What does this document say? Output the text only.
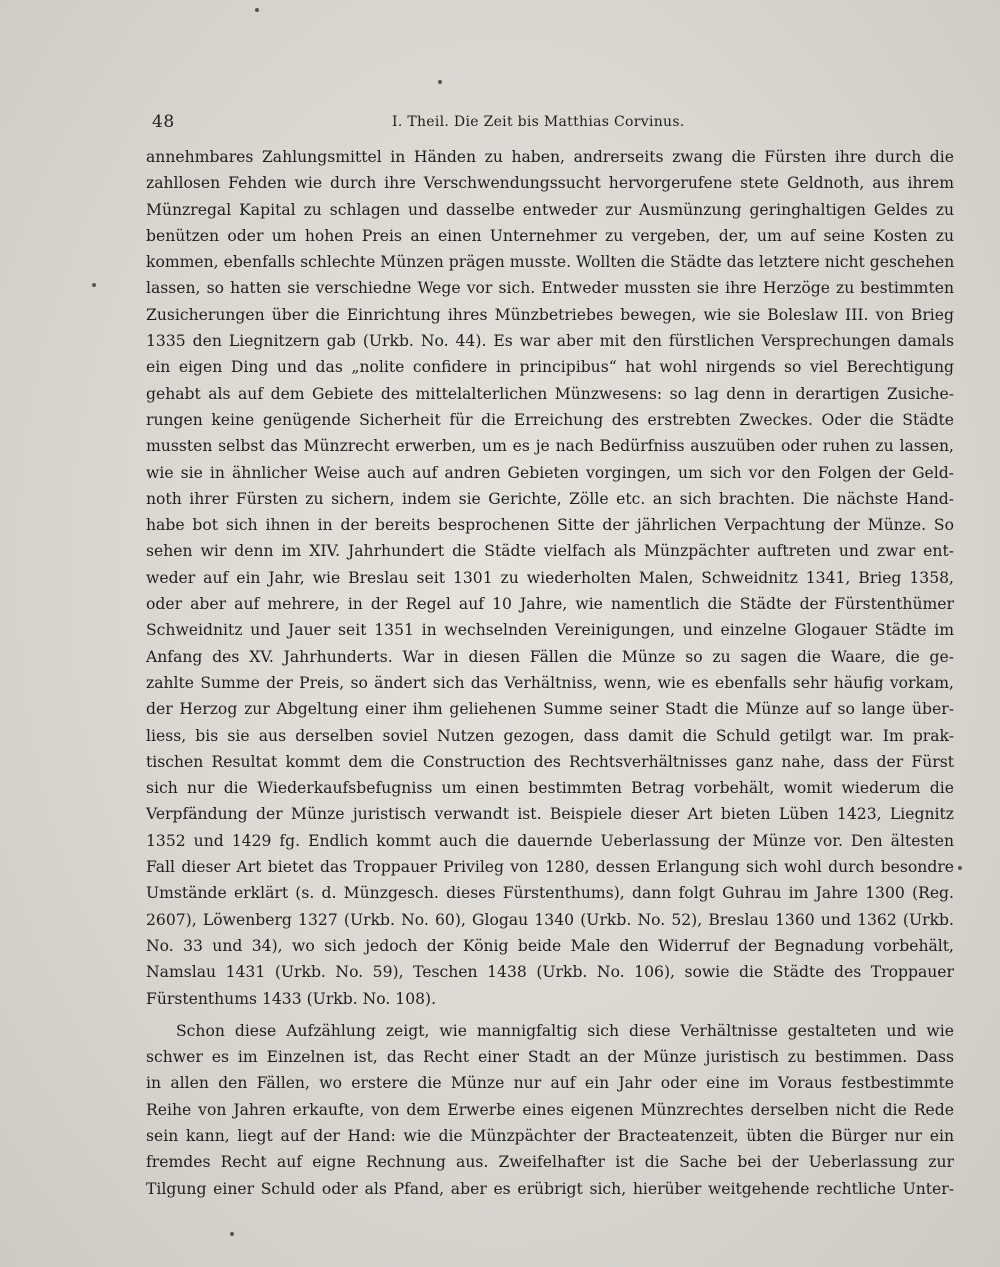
48	I. Theil. Die Zeit bis Matthias Corvinus.
annehmbares Zahlungsmittel in Händen zu haben, andrerseits zwang die Fürsten ihre durch die
zahllosen Fehden wie durch ihre Verschwendungssucht hervorgerufene stete Geldnoth, aus ihrem
Münzregal Kapital zu schlagen und dasselbe entweder zur Ausmünzung geringhaltigen Geldes zu
benützen oder um hohen Preis an einen Unternehmer zu vergeben, der, um auf seine Kosten zu
kommen, ebenfalls schlechte Münzen prägen musste. Wollten die Städte das letztere nicht geschehen
lassen, so hatten sie verschiedne Wege vor sich. Entweder mussten sie ihre Herzöge zu bestimmten
Zusicherungen über die Einrichtung ihres Münzbetriebes bewegen, wie sie Boleslaw III. von Brieg
1335 den Liegnitzern gab (Urkb. No. 44). Es war aber mit den fürstlichen Versprechungen damals
ein eigen Ding und das „nolite confidere in principibus“ hat wohl nirgends so viel Berechtigung
gehabt als auf dem Gebiete des mittelalterlichen Münzwesens: so lag denn in derartigen Zusiche-
rungen keine genügende Sicherheit für die Erreichung des erstrebten Zweckes. Oder die Städte
mussten selbst das Münzrecht erwerben, um es je nach Bedürfniss auszuüben oder ruhen zu lassen,
wie sie in ähnlicher Weise auch auf andren Gebieten vorgingen, um sich vor den Folgen der Geld-
noth ihrer Fürsten zu sichern, indem sie Gerichte, Zölle etc. an sich brachten. Die nächste Hand-
habe bot sich ihnen in der bereits besprochenen Sitte der jährlichen Verpachtung der Münze. So
sehen wir denn im XIV. Jahrhundert die Städte vielfach als Münzpächter auftreten und zwar ent-
weder auf ein Jahr, wie Breslau seit 1301 zu wiederholten Malen, Schweidnitz 1341, Brieg 1358,
oder aber auf mehrere, in der Regel auf 10 Jahre, wie namentlich die Städte der Fürstenthümer
Schweidnitz und Jauer seit 1351 in wechselnden Vereinigungen, und einzelne Glogauer Städte im
Anfang des XV. Jahrhunderts. War in diesen Fällen die Münze so zu sagen die Waare, die ge-
zahlte Summe der Preis, so ändert sich das Verhältniss, wenn, wie es ebenfalls sehr häufig vorkam,
der Herzog zur Abgeltung einer ihm geliehenen Summe seiner Stadt die Münze auf so lange über-
liess, bis sie aus derselben soviel Nutzen gezogen, dass damit die Schuld getilgt war. Im prak-
tischen Resultat kommt dem die Construction des Rechtsverhältnisses ganz nahe, dass der Fürst
sich nur die Wiederkaufsbefugniss um einen bestimmten Betrag vorbehält, womit wiederum die
Verpfändung der Münze juristisch verwandt ist. Beispiele dieser Art bieten Lüben 1423, Liegnitz
1352 und 1429 fg. Endlich kommt auch die dauernde Ueberlassung der Münze vor. Den ältesten
Fall dieser Art bietet das Troppauer Privileg von 1280, dessen Erlangung sich wohl durch besondre
Umstände erklärt (s. d. Münzgesch. dieses Fürstenthums), dann folgt Guhrau im Jahre 1300 (Reg.
2607), Löwenberg 1327 (Urkb. No. 60), Glogau 1340 (Urkb. No. 52), Breslau 1360 und 1362 (Urkb.
No. 33 und 34), wo sich jedoch der König beide Male den Widerruf der Begnadung vorbehält,
Namslau 1431 (Urkb. No. 59), Teschen 1438 (Urkb. No. 106), sowie die Städte des Troppauer
Fürstenthums 1433 (Urkb. No. 108).
Schon diese Aufzählung zeigt, wie mannigfaltig sich diese Verhältnisse gestalteten und wie
schwer es im Einzelnen ist, das Recht einer Stadt an der Münze juristisch zu bestimmen. Dass
in allen den Fällen, wo erstere die Münze nur auf ein Jahr oder eine im Voraus festbestimmte
Reihe von Jahren erkaufte, von dem Erwerbe eines eigenen Münzrechtes derselben nicht die Rede
sein kann, liegt auf der Hand: wie die Münzpächter der Bracteatenzeit, übten die Bürger nur ein
fremdes Recht auf eigne Rechnung aus. Zweifelhafter ist die Sache bei der Ueberlassung zur
Tilgung einer Schuld oder als Pfand, aber es erübrigt sich, hierüber weitgehende rechtliche Unter-
